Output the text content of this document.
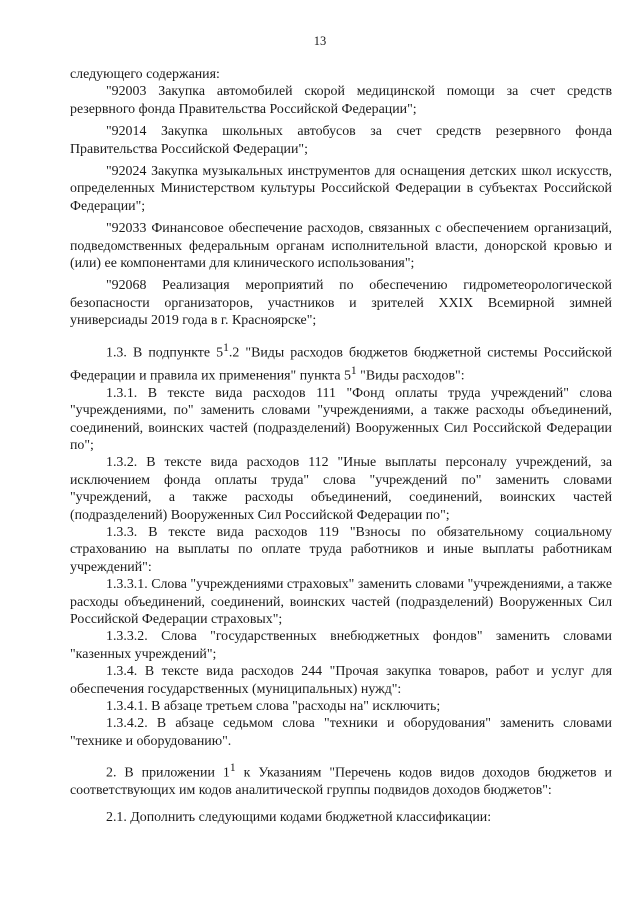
13

следующего содержания:

"92003 Закупка автомобилей скорой медицинской помощи за счет средств резервного фонда Правительства Российской Федерации";

"92014 Закупка школьных автобусов за счет средств резервного фонда Правительства Российской Федерации";

"92024 Закупка музыкальных инструментов для оснащения детских школ искусств, определенных Министерством культуры Российской Федерации в субъектах Российской Федерации";

"92033 Финансовое обеспечение расходов, связанных с обеспечением организаций, подведомственных федеральным органам исполнительной власти, донорской кровью и (или) ее компонентами для клинического использования";

"92068 Реализация мероприятий по обеспечению гидрометеорологической безопасности организаторов, участников и зрителей XXIX Всемирной зимней универсиады 2019 года в г. Красноярске";

1.3. В подпункте $5^1.2$ "Виды расходов бюджетов бюджетной системы Российской Федерации и правила их применения" пункта $5^1$ "Виды расходов":

1.3.1. В тексте вида расходов 111 "Фонд оплаты труда учреждений" слова "учреждениями, по" заменить словами "учреждениями, а также расходы объединений, соединений, воинских частей (подразделений) Вооруженных Сил Российской Федерации по";

1.3.2. В тексте вида расходов 112 "Иные выплаты персоналу учреждений, за исключением фонда оплаты труда" слова "учреждений по" заменить словами "учреждений, а также расходы объединений, соединений, воинских частей (подразделений) Вооруженных Сил Российской Федерации по";

1.3.3. В тексте вида расходов 119 "Взносы по обязательному социальному страхованию на выплаты по оплате труда работников и иные выплаты работникам учреждений":

1.3.3.1. Слова "учреждениями страховых" заменить словами "учреждениями, а также расходы объединений, соединений, воинских частей (подразделений) Вооруженных Сил Российской Федерации страховых";

1.3.3.2. Слова "государственных внебюджетных фондов" заменить словами "казенных учреждений";

1.3.4. В тексте вида расходов 244 "Прочая закупка товаров, работ и услуг для обеспечения государственных (муниципальных) нужд":

1.3.4.1. В абзаце третьем слова "расходы на" исключить;

1.3.4.2. В абзаце седьмом слова "техники и оборудования" заменить словами "технике и оборудованию".

2. В приложении $1^1$ к Указаниям "Перечень кодов видов доходов бюджетов и соответствующих им кодов аналитической группы подвидов доходов бюджетов":

2.1. Дополнить следующими кодами бюджетной классификации:
